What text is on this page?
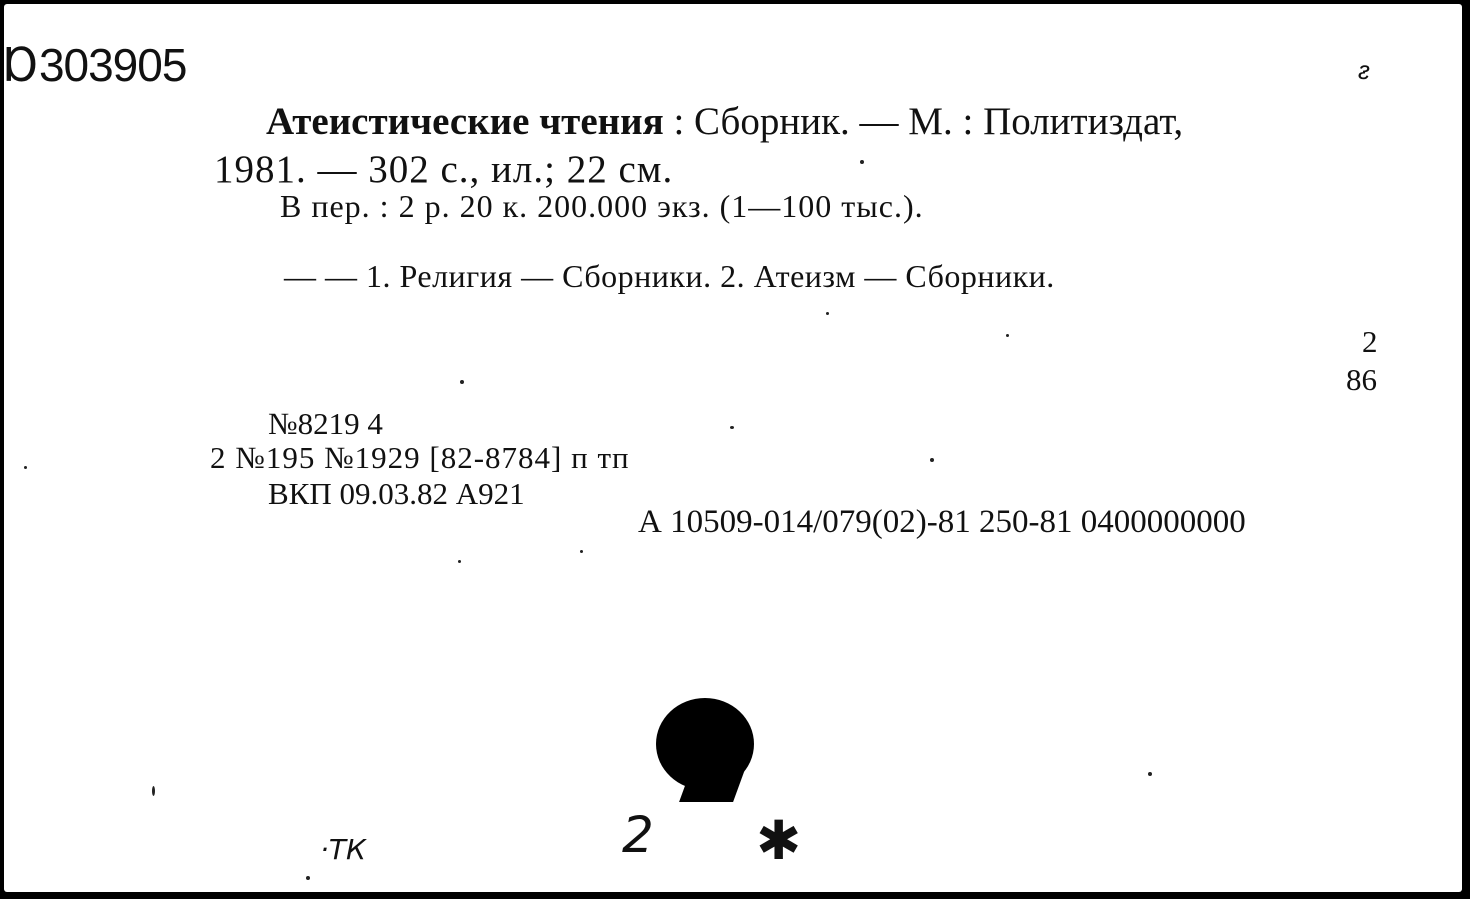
Ɒ303905	ᴤ
Атеистические чтения : Сборник. — М. : Политиздат,
1981. — 302 с., ил.; 22 см.
В пер. : 2 р. 20 к. 200.000 экз. (1—100 тыс.).
— — 1. Религия — Сборники. 2. Атеизм — Сборники.
2
86
№8219 4
2 №195 №1929 [82-8784] п тп
ВКП 09.03.82 А921
А 10509-014/079(02)-81 250-81 0400000000
·ТК	2 ✱
